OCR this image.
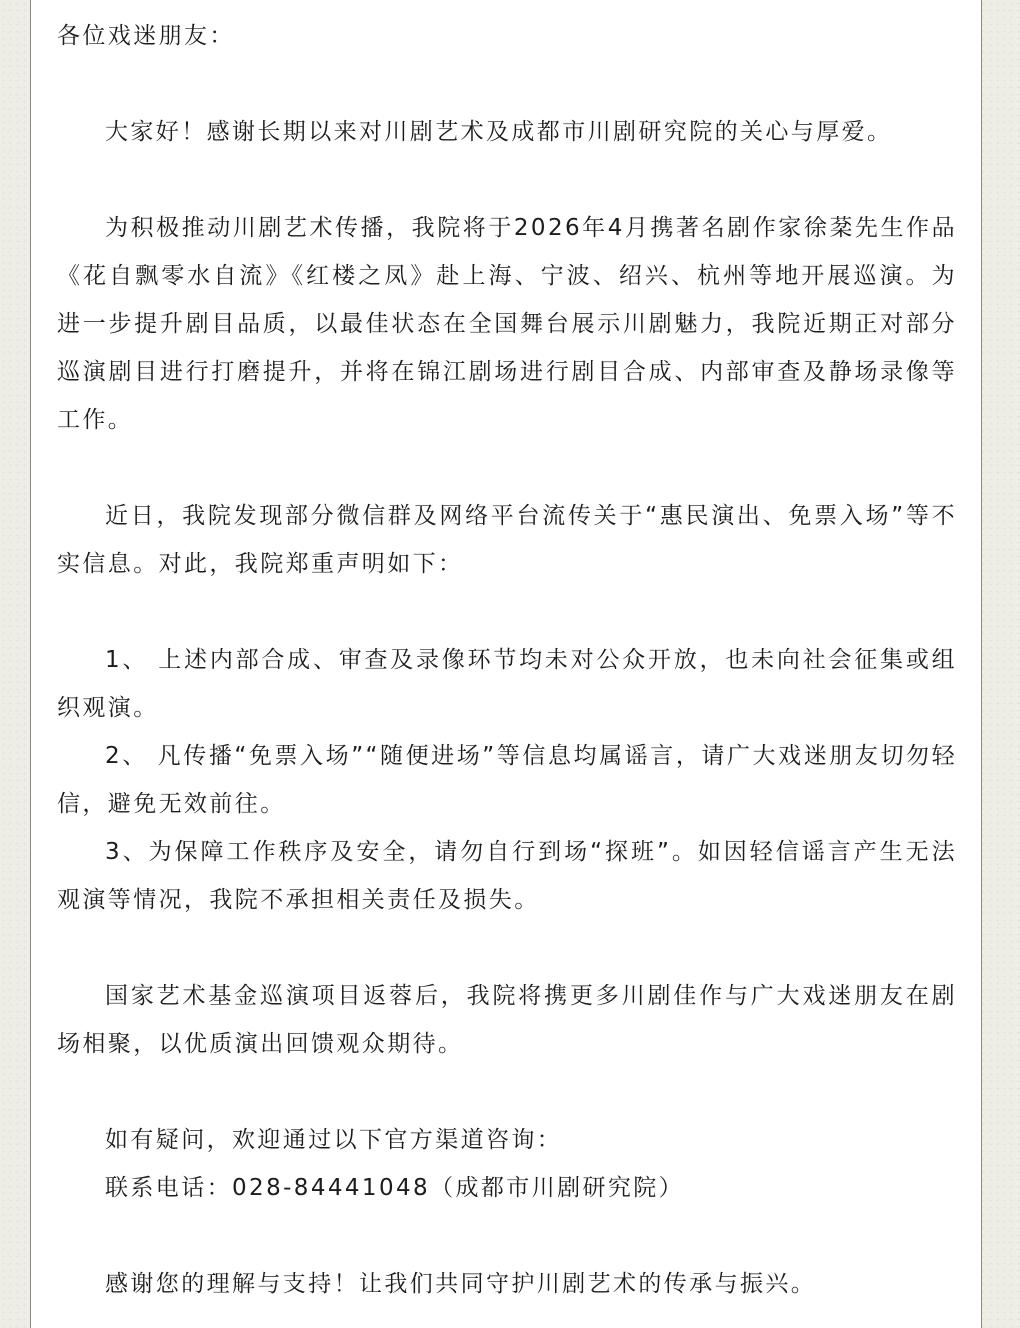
各位戏迷朋友：

大家好！感谢长期以来对川剧艺术及成都市川剧研究院的关心与厚爱。

为积极推动川剧艺术传播，我院将于2026年4月携著名剧作家徐棻先生作品《花自飘零水自流》《红楼之凤》赴上海、宁波、绍兴、杭州等地开展巡演。为进一步提升剧目品质，以最佳状态在全国舞台展示川剧魅力，我院近期正对部分巡演剧目进行打磨提升，并将在锦江剧场进行剧目合成、内部审查及静场录像等工作。

近日，我院发现部分微信群及网络平台流传关于“惠民演出、免票入场”等不实信息。对此，我院郑重声明如下：

1、 上述内部合成、审查及录像环节均未对公众开放，也未向社会征集或组织观演。

2、 凡传播“免票入场”“随便进场”等信息均属谣言，请广大戏迷朋友切勿轻信，避免无效前往。

3、为保障工作秩序及安全，请勿自行到场“探班”。如因轻信谣言产生无法观演等情况，我院不承担相关责任及损失。

国家艺术基金巡演项目返蓉后，我院将携更多川剧佳作与广大戏迷朋友在剧场相聚，以优质演出回馈观众期待。

如有疑问，欢迎通过以下官方渠道咨询：

联系电话：028-84441048（成都市川剧研究院）

感谢您的理解与支持！让我们共同守护川剧艺术的传承与振兴。
